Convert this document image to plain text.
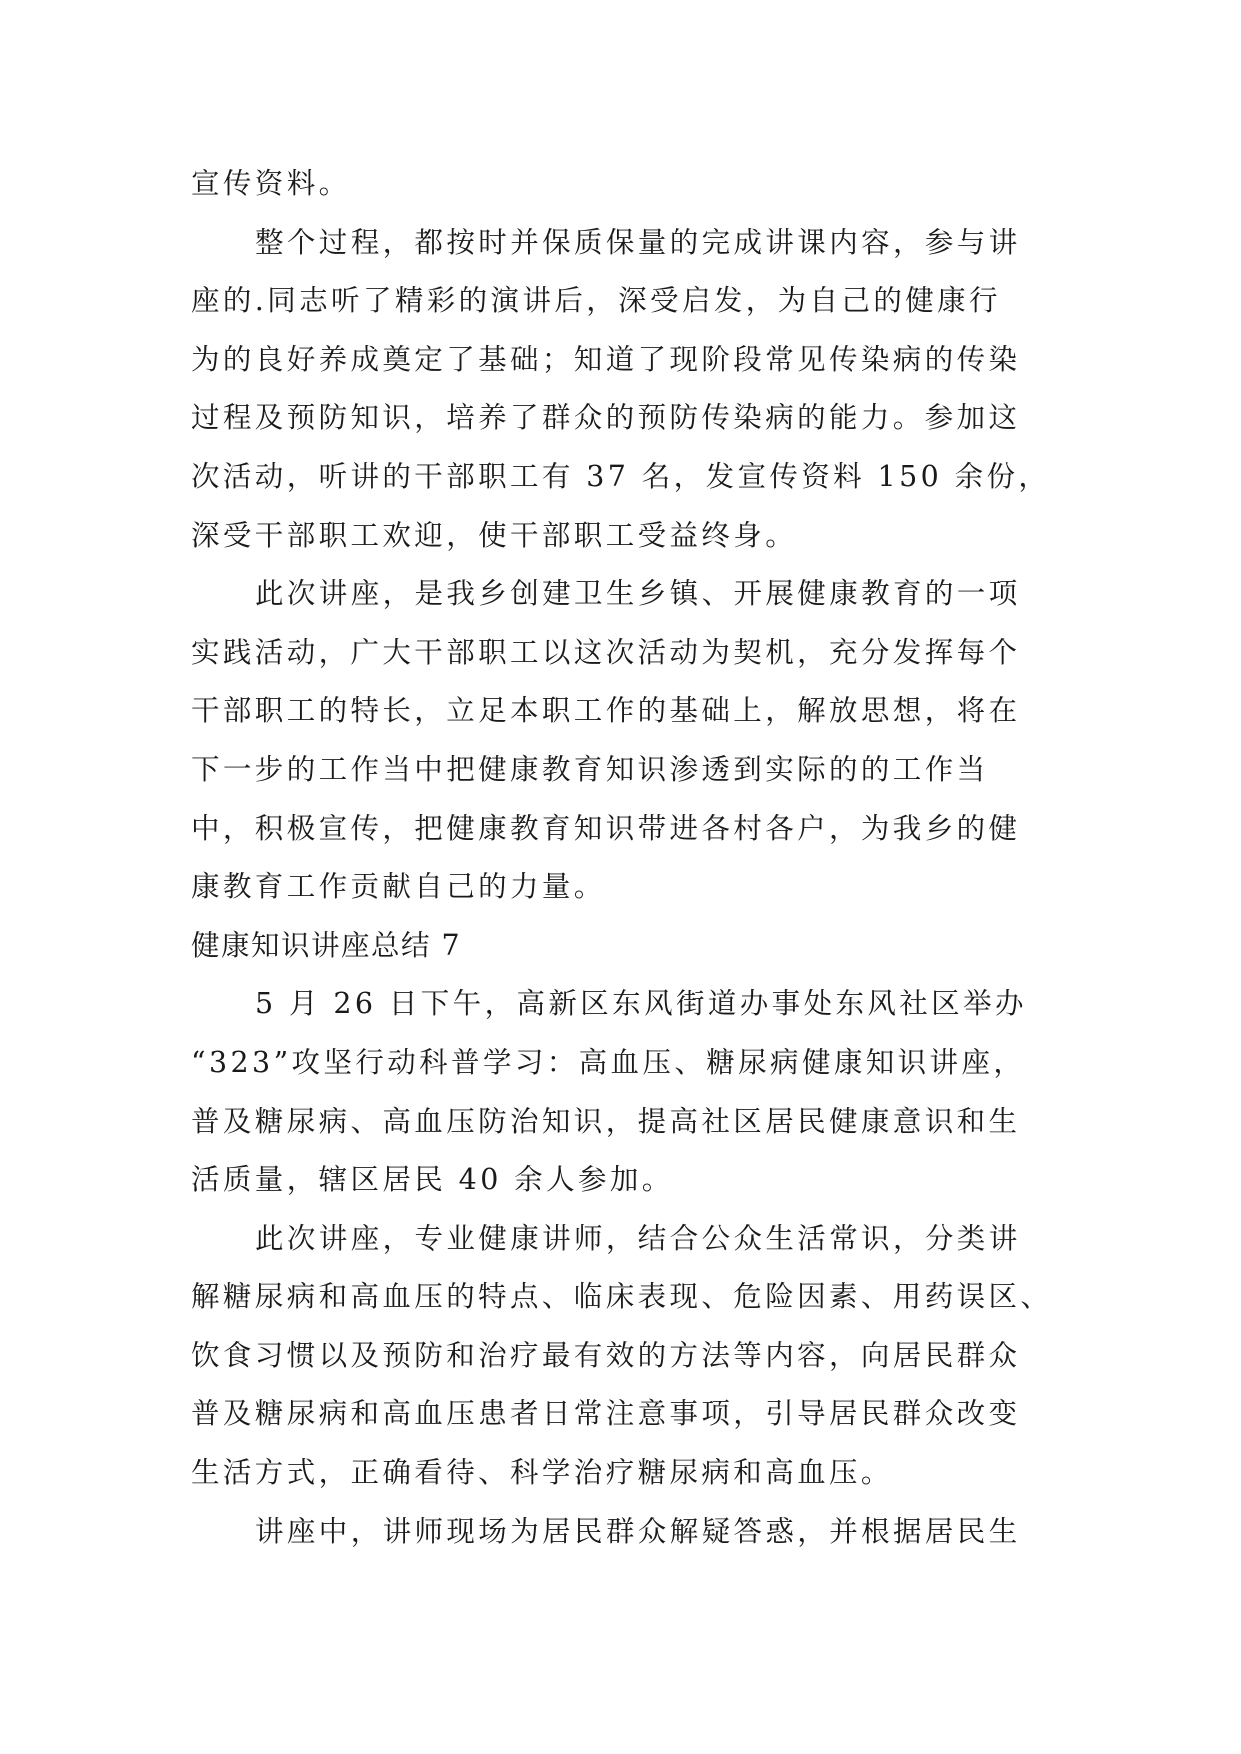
宣传资料。
整个过程，都按时并保质保量的完成讲课内容，参与讲
座的.同志听了精彩的演讲后，深受启发，为自己的健康行
为的良好养成奠定了基础；知道了现阶段常见传染病的传染
过程及预防知识，培养了群众的预防传染病的能力。参加这
次活动，听讲的干部职工有 37 名，发宣传资料 150 余份，
深受干部职工欢迎，使干部职工受益终身。
此次讲座，是我乡创建卫生乡镇、开展健康教育的一项
实践活动，广大干部职工以这次活动为契机，充分发挥每个
干部职工的特长，立足本职工作的基础上，解放思想，将在
下一步的工作当中把健康教育知识渗透到实际的的工作当
中，积极宣传，把健康教育知识带进各村各户，为我乡的健
康教育工作贡献自己的力量。
健康知识讲座总结 7
5 月 26 日下午，高新区东风街道办事处东风社区举办
“323”攻坚行动科普学习：高血压、糖尿病健康知识讲座，
普及糖尿病、高血压防治知识，提高社区居民健康意识和生
活质量，辖区居民 40 余人参加。
此次讲座，专业健康讲师，结合公众生活常识，分类讲
解糖尿病和高血压的特点、临床表现、危险因素、用药误区、
饮食习惯以及预防和治疗最有效的方法等内容，向居民群众
普及糖尿病和高血压患者日常注意事项，引导居民群众改变
生活方式，正确看待、科学治疗糖尿病和高血压。
讲座中，讲师现场为居民群众解疑答惑，并根据居民生
